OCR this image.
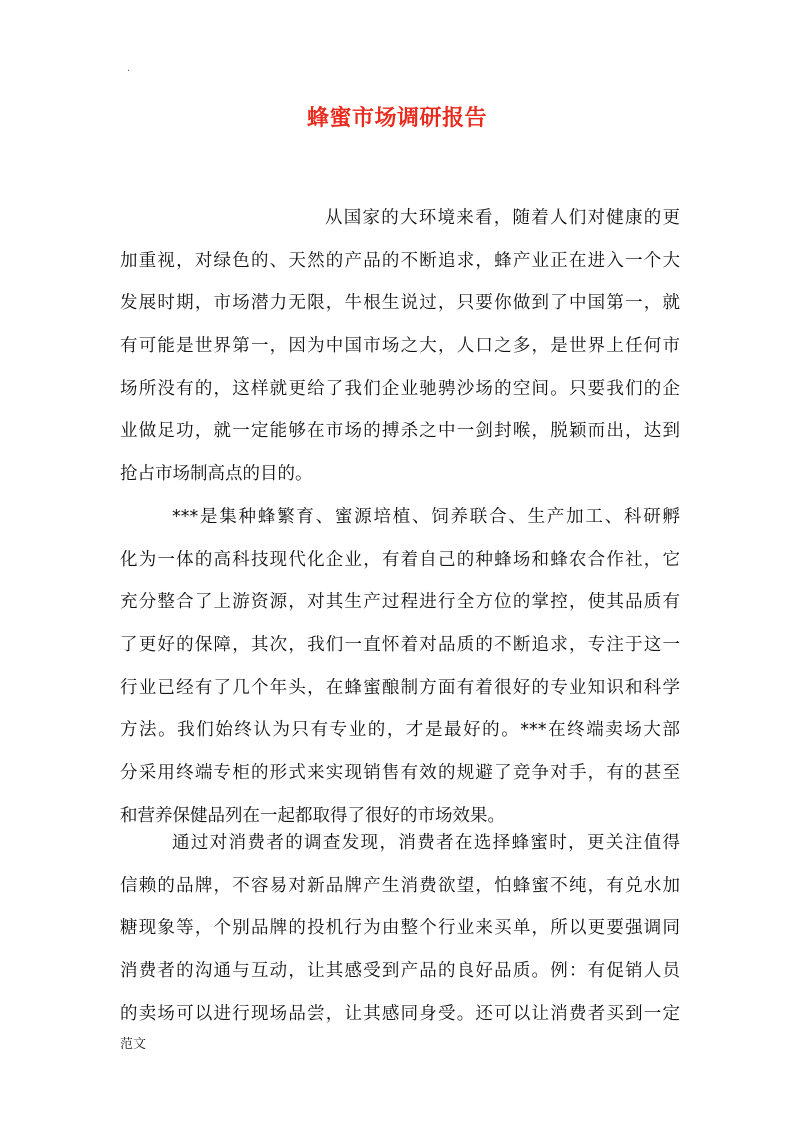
.
蜂蜜市场调研报告
从国家的大环境来看，随着人们对健康的更
加重视，对绿色的、天然的产品的不断追求，蜂产业正在进入一个大
发展时期，市场潜力无限，牛根生说过，只要你做到了中国第一，就
有可能是世界第一，因为中国市场之大，人口之多，是世界上任何市
场所没有的，这样就更给了我们企业驰骋沙场的空间。只要我们的企
业做足功，就一定能够在市场的搏杀之中一剑封喉，脱颖而出，达到
抢占市场制高点的目的。
***是集种蜂繁育、蜜源培植、饲养联合、生产加工、科研孵
化为一体的高科技现代化企业，有着自己的种蜂场和蜂农合作社，它
充分整合了上游资源，对其生产过程进行全方位的掌控，使其品质有
了更好的保障，其次，我们一直怀着对品质的不断追求，专注于这一
行业已经有了几个年头，在蜂蜜酿制方面有着很好的专业知识和科学
方法。我们始终认为只有专业的，才是最好的。***在终端卖场大部
分采用终端专柜的形式来实现销售有效的规避了竞争对手，有的甚至
和营养保健品列在一起都取得了很好的市场效果。
通过对消费者的调查发现，消费者在选择蜂蜜时，更关注值得
信赖的品牌，不容易对新品牌产生消费欲望，怕蜂蜜不纯，有兑水加
糖现象等，个别品牌的投机行为由整个行业来买单，所以更要强调同
消费者的沟通与互动，让其感受到产品的良好品质。例：有促销人员
的卖场可以进行现场品尝，让其感同身受。还可以让消费者买到一定
范文
